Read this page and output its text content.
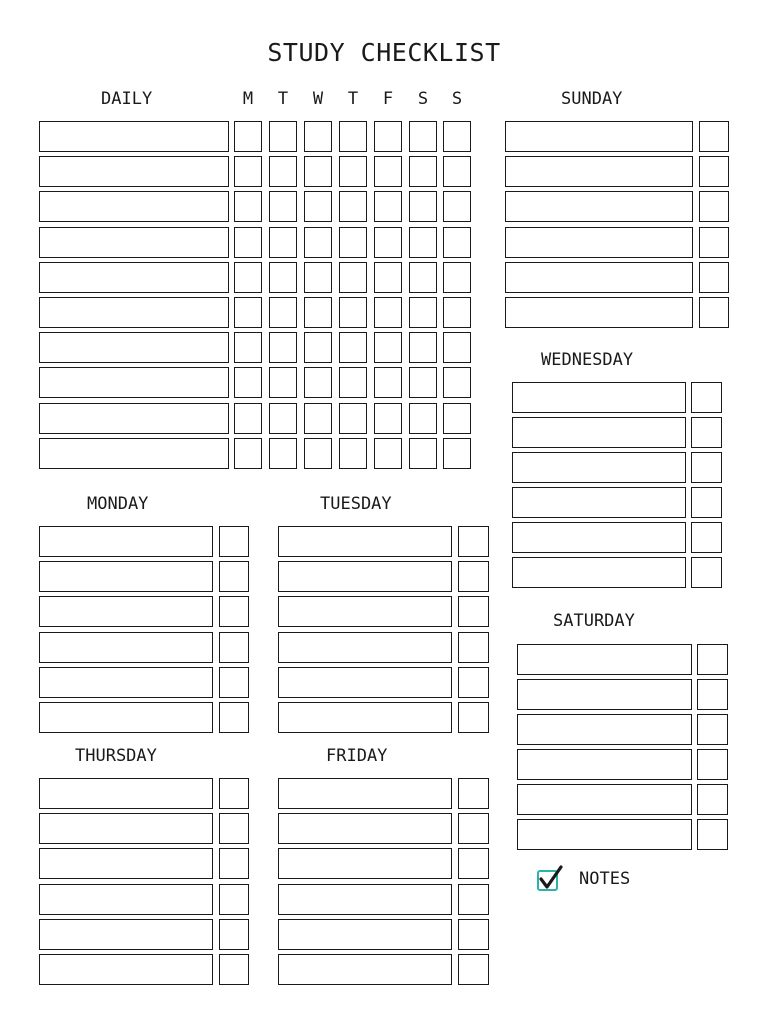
STUDY CHECKLIST
DAILY	M	T	W	T	F	S	S	SUNDAY
WEDNESDAY
SATURDAY
MONDAY	TUESDAY
THURSDAY	FRIDAY
NOTES
